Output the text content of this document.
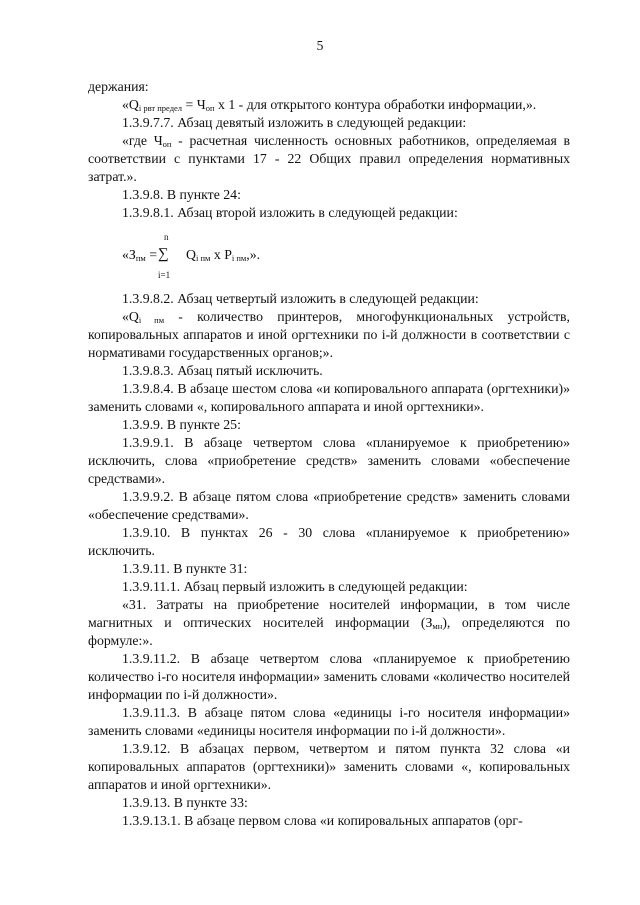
5

держания:

«$Q_{i рвт предел} = Ч_{оп}$ x 1 - для открытого контура обработки информации,».

1.3.9.7.7. Абзац девятый изложить в следующей редакции:

«где $Ч_{оп}$ - расчетная численность основных работников, определяемая в соответствии с пунктами 17 - 22 Общих правил определения нормативных затрат.».

1.3.9.8. В пункте 24:

1.3.9.8.1. Абзац второй изложить в следующей редакции:

«$З_{пм}$ =
n
∑
i=1
$Q_{i пм}$ x $P_{i пм}$,».

1.3.9.8.2. Абзац четвертый изложить в следующей редакции:

«$Q_{i пм}$ - количество принтеров, многофункциональных устройств, копировальных аппаратов и иной оргтехники по i-й должности в соответствии с нормативами государственных органов;».

1.3.9.8.3. Абзац пятый исключить.

1.3.9.8.4. В абзаце шестом слова «и копировального аппарата (оргтехники)» заменить словами «, копировального аппарата и иной оргтехники».

1.3.9.9. В пункте 25:

1.3.9.9.1. В абзаце четвертом слова «планируемое к приобретению» исключить, слова «приобретение средств» заменить словами «обеспечение средствами».

1.3.9.9.2. В абзаце пятом слова «приобретение средств» заменить словами «обеспечение средствами».

1.3.9.10. В пунктах 26 - 30 слова «планируемое к приобретению» исключить.

1.3.9.11. В пункте 31:

1.3.9.11.1. Абзац первый изложить в следующей редакции:

«31. Затраты на приобретение носителей информации, в том числе магнитных и оптических носителей информации $(З_{мн})$, определяются по формуле:».

1.3.9.11.2. В абзаце четвертом слова «планируемое к приобретению количество i-го носителя информации» заменить словами «количество носителей информации по i-й должности».

1.3.9.11.3. В абзаце пятом слова «единицы i-го носителя информации» заменить словами «единицы носителя информации по i-й должности».

1.3.9.12. В абзацах первом, четвертом и пятом пункта 32 слова «и копировальных аппаратов (оргтехники)» заменить словами «, копировальных аппаратов и иной оргтехники».

1.3.9.13. В пункте 33:

1.3.9.13.1. В абзаце первом слова «и копировальных аппаратов (орг-
